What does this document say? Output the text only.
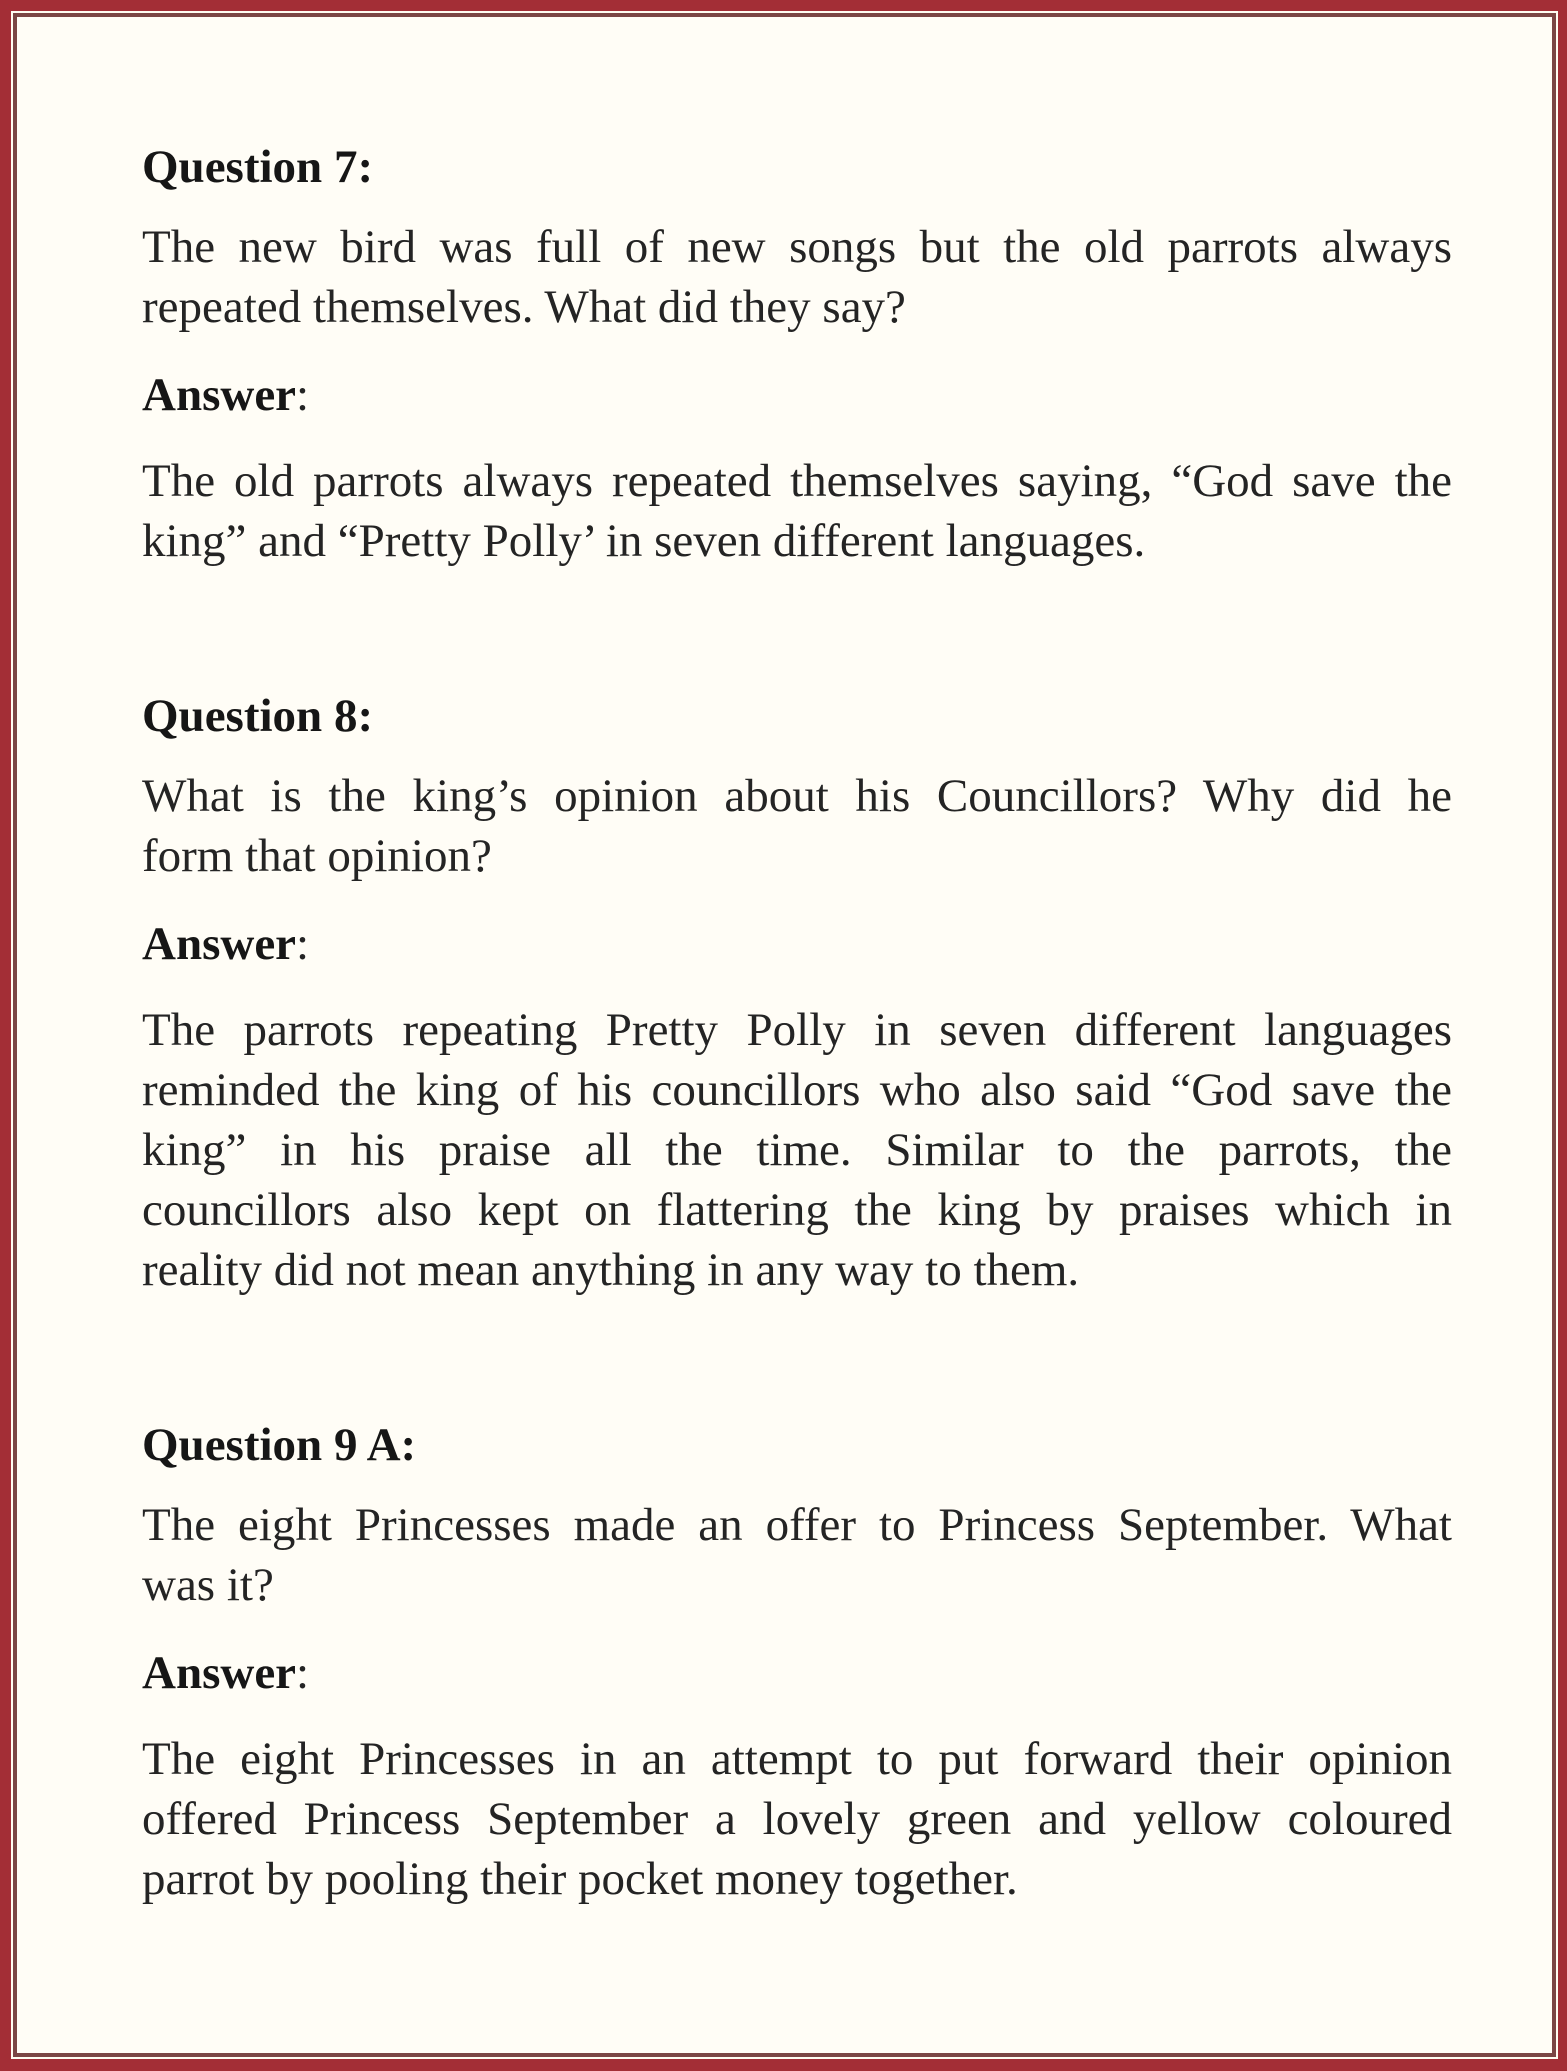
Question 7:
The new bird was full of new songs but the old parrots always
repeated themselves. What did they say?
Answer:
The old parrots always repeated themselves saying, “God save the
king” and “Pretty Polly’ in seven different languages.
Question 8:
What is the king’s opinion about his Councillors? Why did he
form that opinion?
Answer:
The parrots repeating Pretty Polly in seven different languages
reminded the king of his councillors who also said “God save the
king” in his praise all the time. Similar to the parrots, the
councillors also kept on flattering the king by praises which in
reality did not mean anything in any way to them.
Question 9 A:
The eight Princesses made an offer to Princess September. What
was it?
Answer:
The eight Princesses in an attempt to put forward their opinion
offered Princess September a lovely green and yellow coloured
parrot by pooling their pocket money together.
